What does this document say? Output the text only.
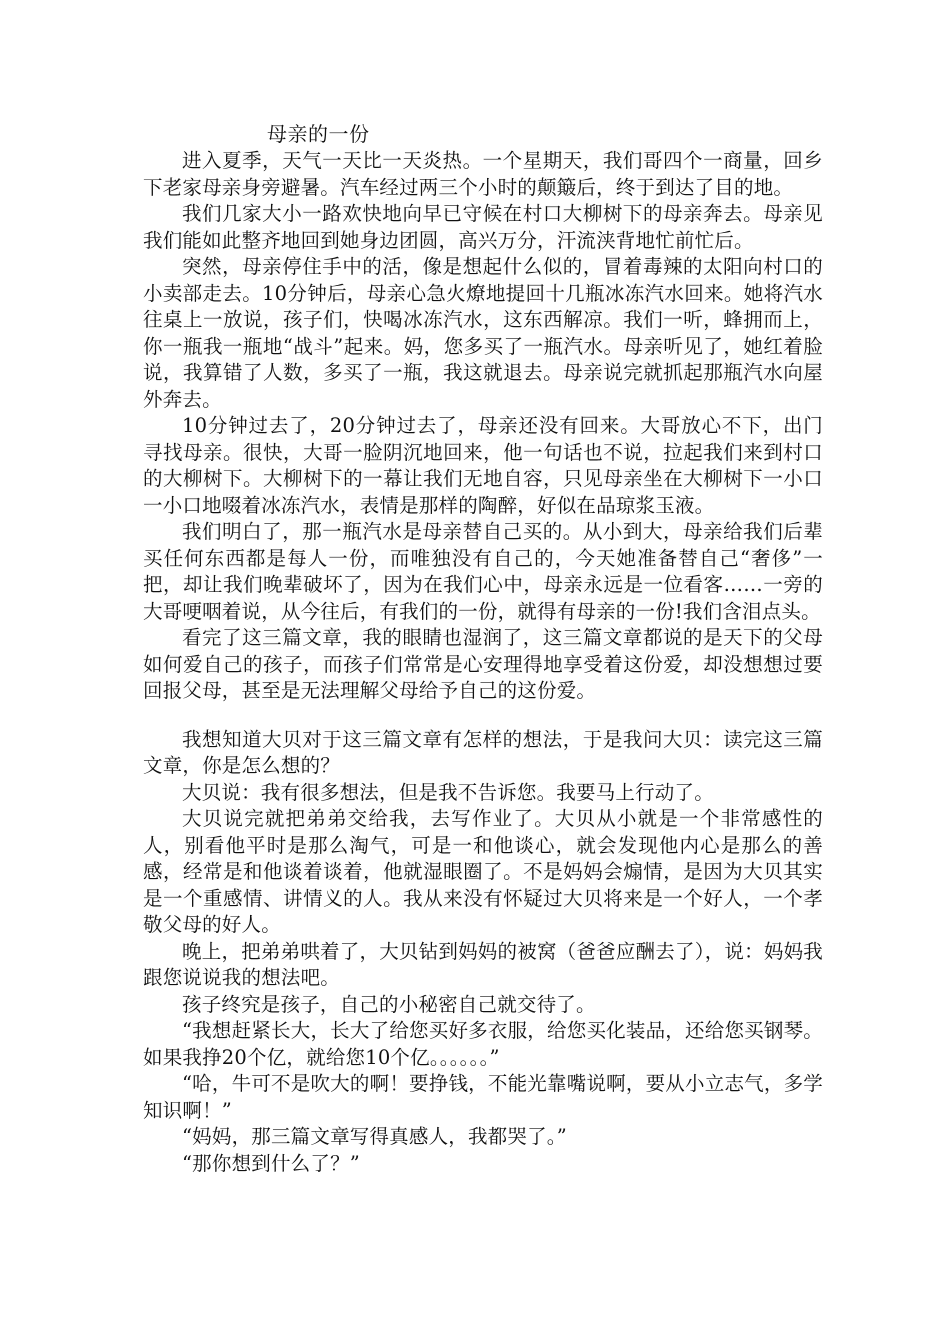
母亲的一份

进入夏季，天气一天比一天炎热。一个星期天，我们哥四个一商量，回乡下老家母亲身旁避暑。汽车经过两三个小时的颠簸后，终于到达了目的地。

我们几家大小一路欢快地向早已守候在村口大柳树下的母亲奔去。母亲见我们能如此整齐地回到她身边团圆，高兴万分，汗流浃背地忙前忙后。

突然，母亲停住手中的活，像是想起什么似的，冒着毒辣的太阳向村口的小卖部走去。10分钟后，母亲心急火燎地提回十几瓶冰冻汽水回来。她将汽水往桌上一放说，孩子们，快喝冰冻汽水，这东西解凉。我们一听，蜂拥而上，你一瓶我一瓶地“战斗”起来。妈，您多买了一瓶汽水。母亲听见了，她红着脸说，我算错了人数，多买了一瓶，我这就退去。母亲说完就抓起那瓶汽水向屋外奔去。

10分钟过去了，20分钟过去了，母亲还没有回来。大哥放心不下，出门寻找母亲。很快，大哥一脸阴沉地回来，他一句话也不说，拉起我们来到村口的大柳树下。大柳树下的一幕让我们无地自容，只见母亲坐在大柳树下一小口一小口地啜着冰冻汽水，表情是那样的陶醉，好似在品琼浆玉液。

我们明白了，那一瓶汽水是母亲替自己买的。从小到大，母亲给我们后辈买任何东西都是每人一份，而唯独没有自己的，今天她准备替自己“奢侈”一把，却让我们晚辈破坏了，因为在我们心中，母亲永远是一位看客……一旁的大哥哽咽着说，从今往后，有我们的一份，就得有母亲的一份!我们含泪点头。

看完了这三篇文章，我的眼睛也湿润了，这三篇文章都说的是天下的父母如何爱自己的孩子，而孩子们常常是心安理得地享受着这份爱，却没想想过要回报父母，甚至是无法理解父母给予自己的这份爱。

我想知道大贝对于这三篇文章有怎样的想法，于是我问大贝：读完这三篇文章，你是怎么想的？

大贝说：我有很多想法，但是我不告诉您。我要马上行动了。

大贝说完就把弟弟交给我，去写作业了。大贝从小就是一个非常感性的人，别看他平时是那么淘气，可是一和他谈心，就会发现他内心是那么的善感，经常是和他谈着谈着，他就湿眼圈了。不是妈妈会煽情，是因为大贝其实是一个重感情、讲情义的人。我从来没有怀疑过大贝将来是一个好人，一个孝敬父母的好人。

晚上，把弟弟哄着了，大贝钻到妈妈的被窝（爸爸应酬去了），说：妈妈我跟您说说我的想法吧。

孩子终究是孩子，自己的小秘密自己就交待了。

“我想赶紧长大，长大了给您买好多衣服，给您买化装品，还给您买钢琴。如果我挣20个亿，就给您10个亿。。。。。。”

“哈，牛可不是吹大的啊！要挣钱，不能光靠嘴说啊，要从小立志气，多学知识啊！”

“妈妈，那三篇文章写得真感人，我都哭了。”

“那你想到什么了？”
